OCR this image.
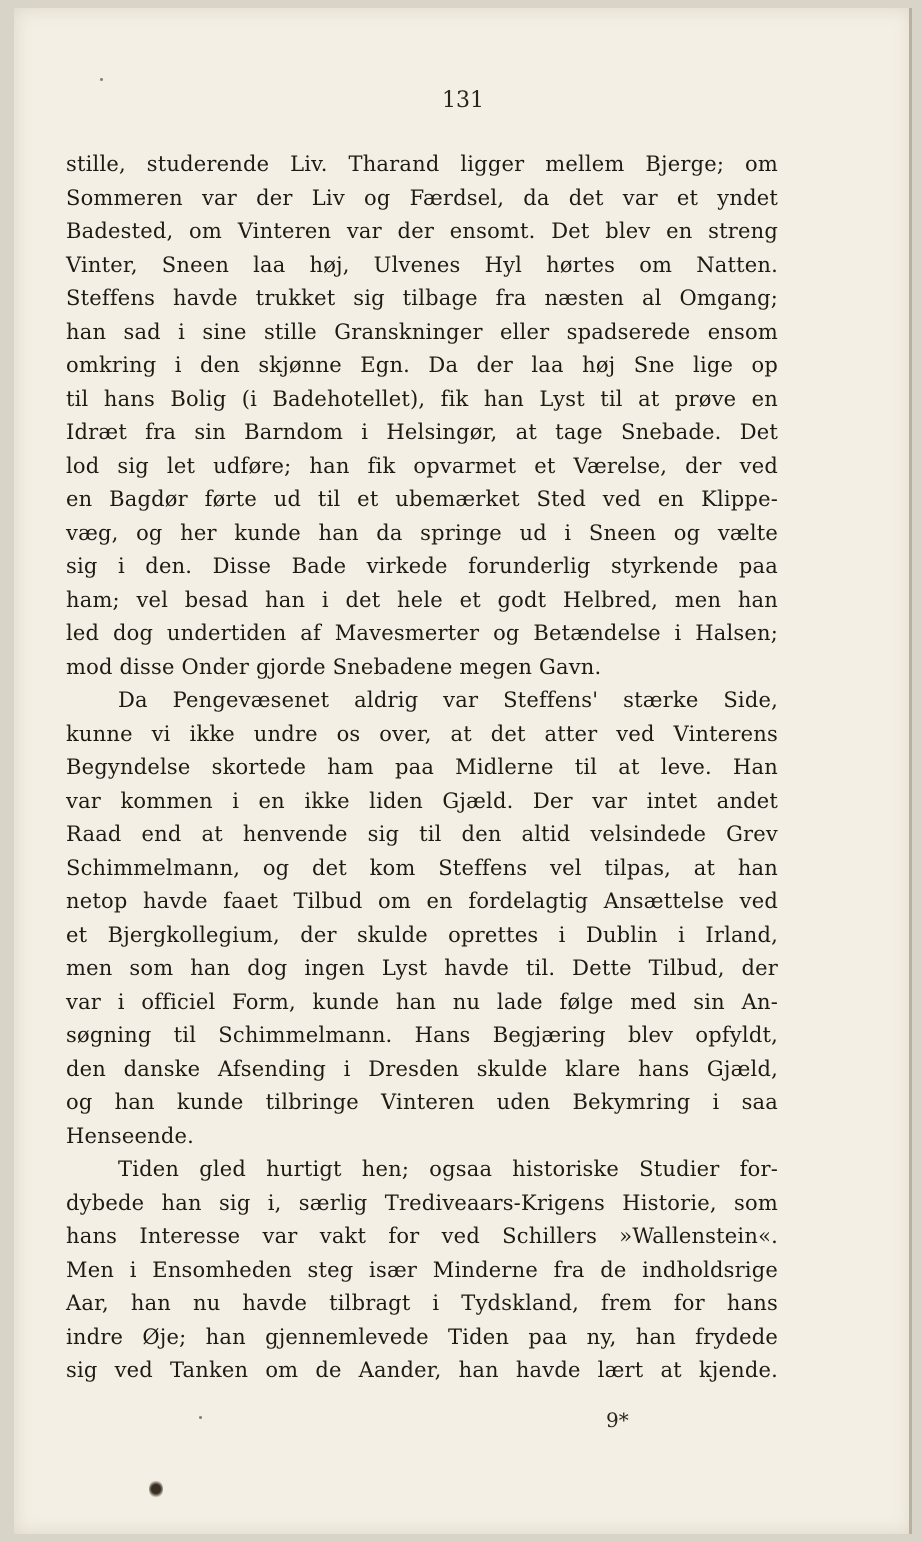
131
stille, studerende Liv. Tharand ligger mellem Bjerge; om
Sommeren var der Liv og Færdsel, da det var et yndet
Badested, om Vinteren var der ensomt. Det blev en streng
Vinter, Sneen laa høj, Ulvenes Hyl hørtes om Natten.
Steffens havde trukket sig tilbage fra næsten al Omgang;
han sad i sine stille Granskninger eller spadserede ensom
omkring i den skjønne Egn. Da der laa høj Sne lige op
til hans Bolig (i Badehotellet), fik han Lyst til at prøve en
Idræt fra sin Barndom i Helsingør, at tage Snebade. Det
lod sig let udføre; han fik opvarmet et Værelse, der ved
en Bagdør førte ud til et ubemærket Sted ved en Klippe-
væg, og her kunde han da springe ud i Sneen og vælte
sig i den. Disse Bade virkede forunderlig styrkende paa
ham; vel besad han i det hele et godt Helbred, men han
led dog undertiden af Mavesmerter og Betændelse i Halsen;
mod disse Onder gjorde Snebadene megen Gavn.
Da Pengevæsenet aldrig var Steffens' stærke Side,
kunne vi ikke undre os over, at det atter ved Vinterens
Begyndelse skortede ham paa Midlerne til at leve. Han
var kommen i en ikke liden Gjæld. Der var intet andet
Raad end at henvende sig til den altid velsindede Grev
Schimmelmann, og det kom Steffens vel tilpas, at han
netop havde faaet Tilbud om en fordelagtig Ansættelse ved
et Bjergkollegium, der skulde oprettes i Dublin i Irland,
men som han dog ingen Lyst havde til. Dette Tilbud, der
var i officiel Form, kunde han nu lade følge med sin An-
søgning til Schimmelmann. Hans Begjæring blev opfyldt,
den danske Afsending i Dresden skulde klare hans Gjæld,
og han kunde tilbringe Vinteren uden Bekymring i saa
Henseende.
Tiden gled hurtigt hen; ogsaa historiske Studier for-
dybede han sig i, særlig Trediveaars-Krigens Historie, som
hans Interesse var vakt for ved Schillers »Wallenstein«.
Men i Ensomheden steg især Minderne fra de indholdsrige
Aar, han nu havde tilbragt i Tydskland, frem for hans
indre Øje; han gjennemlevede Tiden paa ny, han frydede
sig ved Tanken om de Aander, han havde lært at kjende.
9*
